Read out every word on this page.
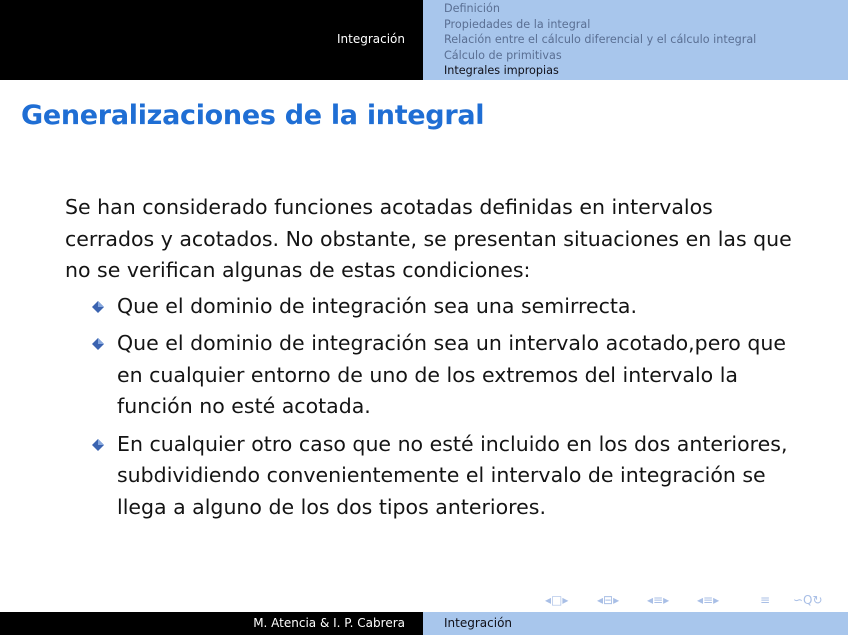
Integración
Definición
Propiedades de la integral
Relación entre el cálculo diferencial y el cálculo integral
Cálculo de primitivas
Integrales impropias
Generalizaciones de la integral

Se han considerado funciones acotadas definidas en intervalos cerrados y acotados. No obstante, se presentan situaciones en las que no se verifican algunas de estas condiciones:

Que el dominio de integración sea una semirrecta.
Que el dominio de integración sea un intervalo acotado,pero que en cualquier entorno de uno de los extremos del intervalo la función no esté acotada.
En cualquier otro caso que no esté incluido en los dos anteriores, subdividiendo convenientemente el intervalo de integración se llega a alguno de los dos tipos anteriores.
◂□▸ ◂⊟▸ ◂≡▸ ◂≡▸	≡ ∽Q↻
M. Atencia & I. P. Cabrera	Integración
